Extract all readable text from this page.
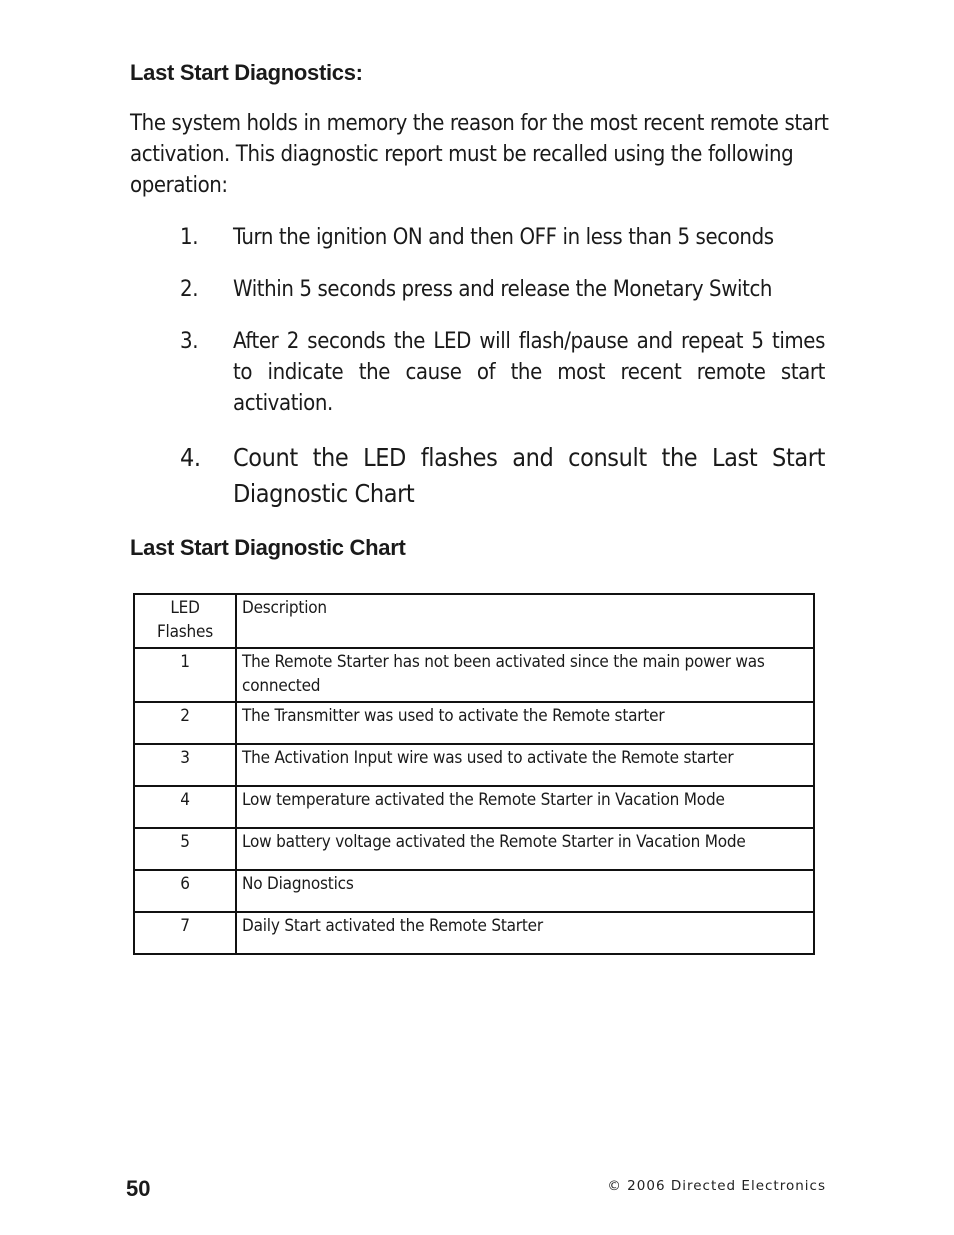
Last Start Diagnostics:

The system holds in memory the reason for the most recent remote start activation. This diagnostic report must be recalled using the following operation:

1.	Turn the ignition ON and then OFF in less than 5 seconds
2.	Within 5 seconds press and release the Monetary Switch
3.	After 2 seconds the LED will flash/pause and repeat 5 times to indicate the cause of the most recent remote start activation.
4.	Count the LED flashes and consult the Last Start Diagnostic Chart
Last Start Diagnostic Chart
LED Flashes	Description
1	The Remote Starter has not been activated since the main power was connected
2	The Transmitter was used to activate the Remote starter
3	The Activation Input wire was used to activate the Remote starter
4	Low temperature activated the Remote Starter in Vacation Mode
5	Low battery voltage activated the Remote Starter in Vacation Mode
6	No Diagnostics
7	Daily Start activated the Remote Starter
50	© 2006 Directed Electronics
